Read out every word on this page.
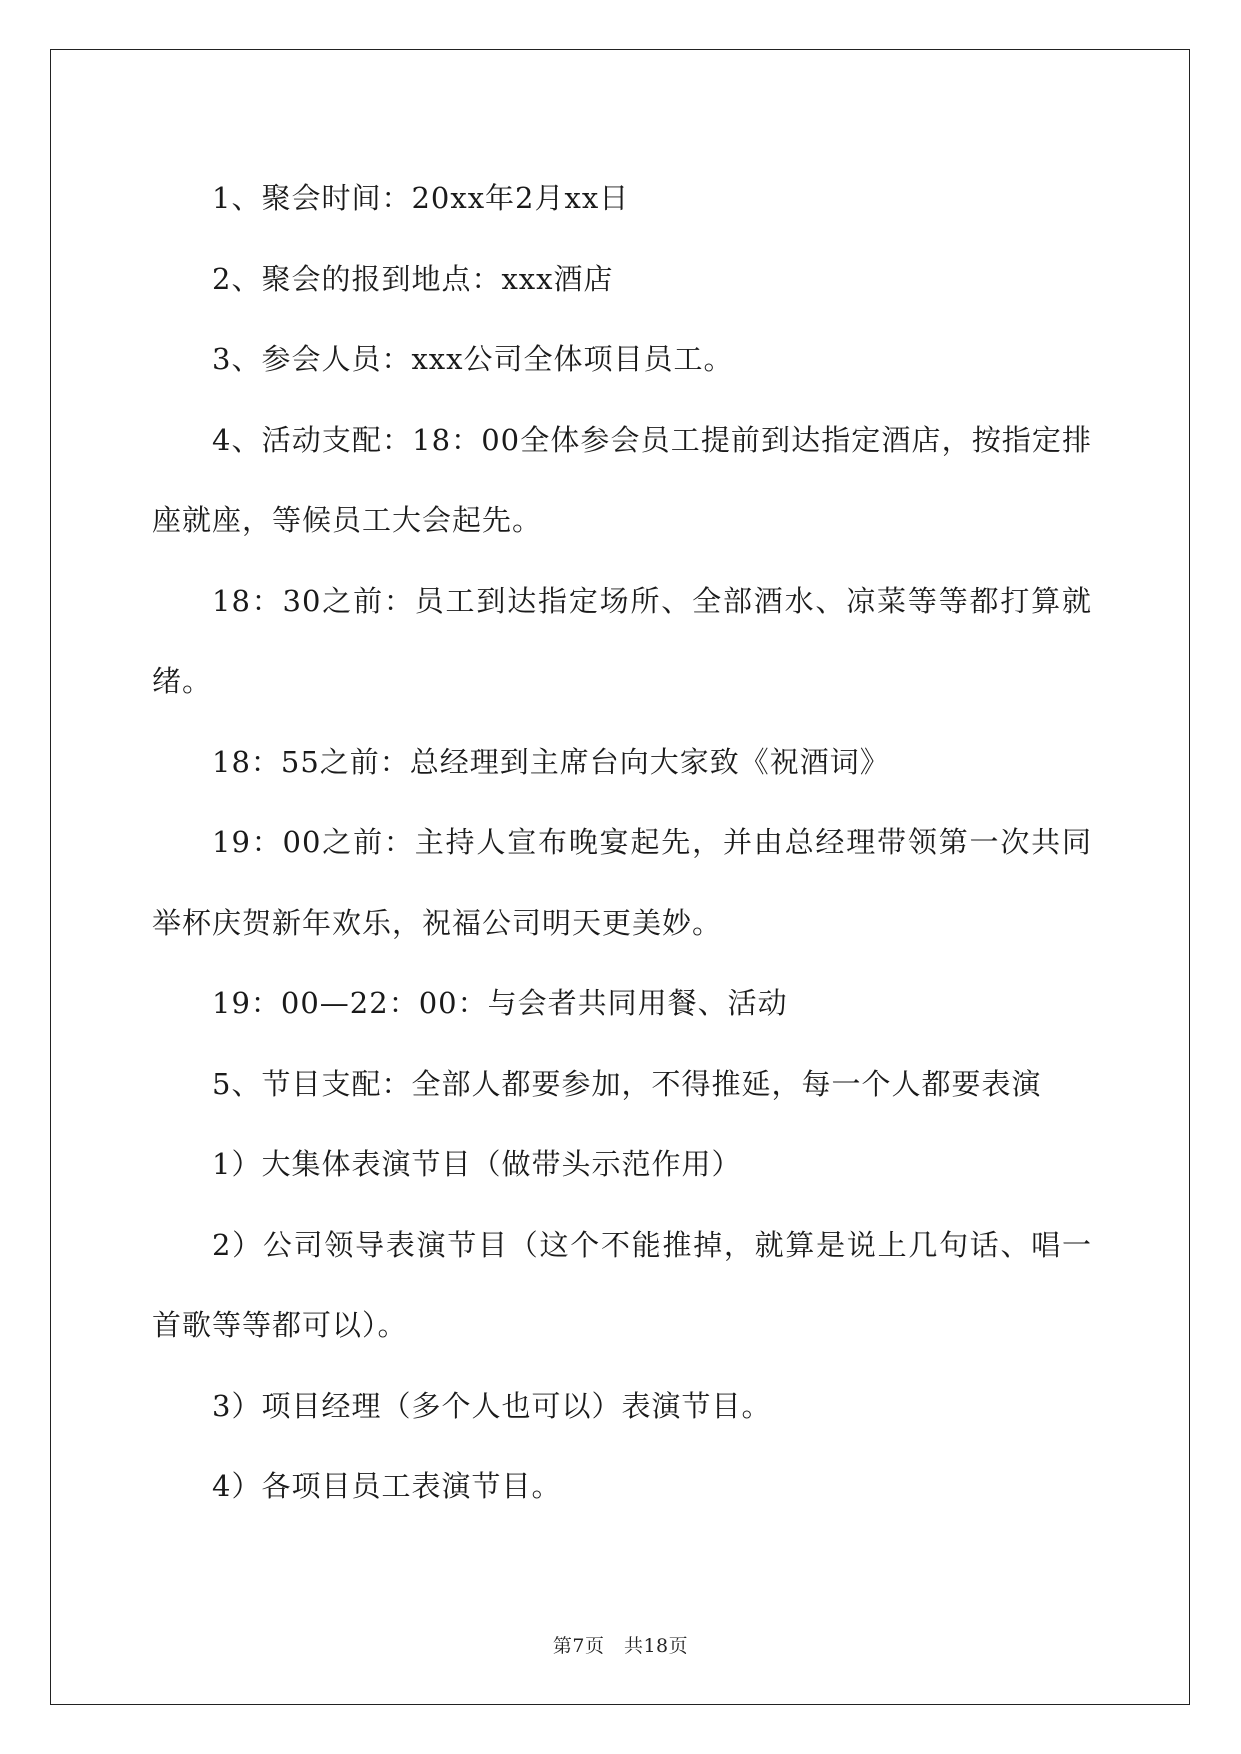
1、聚会时间：20xx年2月xx日

2、聚会的报到地点：xxx酒店

3、参会人员：xxx公司全体项目员工。

4、活动支配：18：00全体参会员工提前到达指定酒店，按指定排座就座，等候员工大会起先。

18：30之前：员工到达指定场所、全部酒水、凉菜等等都打算就绪。

18：55之前：总经理到主席台向大家致《祝酒词》

19：00之前：主持人宣布晚宴起先，并由总经理带领第一次共同举杯庆贺新年欢乐，祝福公司明天更美妙。

19：00—22：00：与会者共同用餐、活动

5、节目支配：全部人都要参加，不得推延，每一个人都要表演

1）大集体表演节目（做带头示范作用）

2）公司领导表演节目（这个不能推掉，就算是说上几句话、唱一首歌等等都可以）。

3）项目经理（多个人也可以）表演节目。

4）各项目员工表演节目。

第7页　共18页
